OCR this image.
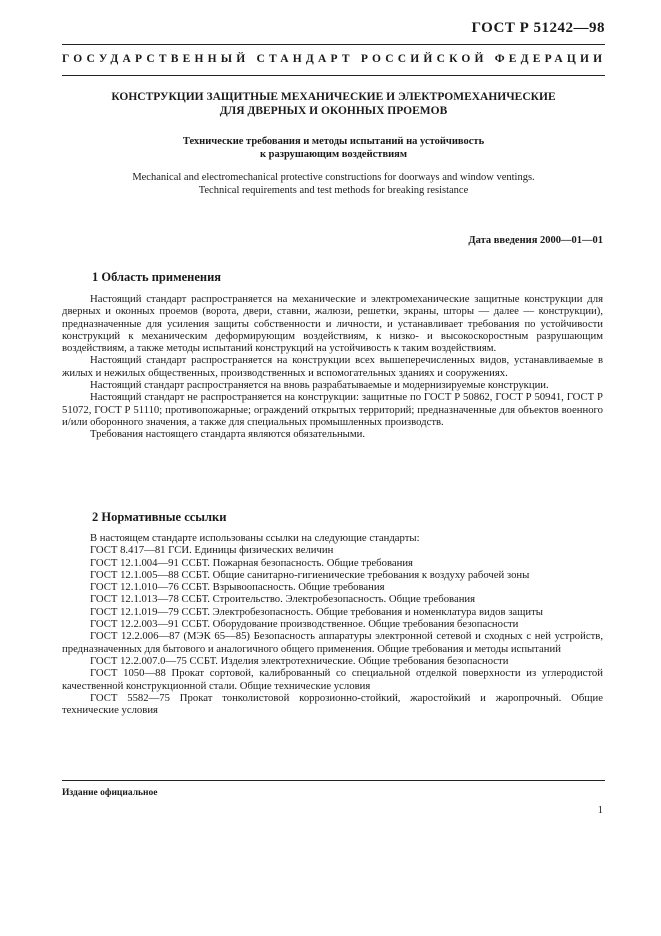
ГОСТ Р 51242—98
ГОСУДАРСТВЕННЫЙ СТАНДАРТ РОССИЙСКОЙ ФЕДЕРАЦИИ
КОНСТРУКЦИИ ЗАЩИТНЫЕ МЕХАНИЧЕСКИЕ И ЭЛЕКТРОМЕХАНИЧЕСКИЕ
ДЛЯ ДВЕРНЫХ И ОКОННЫХ ПРОЕМОВ
Технические требования и методы испытаний на устойчивость
к разрушающим воздействиям
Mechanical and electromechanical protective constructions for doorways and window ventings.
Technical requirements and test methods for breaking resistance
Дата введения 2000—01—01
1 Область применения

Настоящий стандарт распространяется на механические и электромеханические защитные конструкции для дверных и оконных проемов (ворота, двери, ставни, жалюзи, решетки, экраны, шторы — далее — конструкции), предназначенные для усиления защиты собственности и личности, и устанавливает требования по устойчивости конструкций к механическим деформирующим воздействиям, к низко- и высокоскоростным разрушающим воздействиям, а также методы испытаний конструкций на устойчивость к таким воздействиям.

Настоящий стандарт распространяется на конструкции всех вышеперечисленных видов, устанавливаемые в жилых и нежилых общественных, производственных и вспомогательных зданиях и сооружениях.

Настоящий стандарт распространяется на вновь разрабатываемые и модернизируемые конструкции.

Настоящий стандарт не распространяется на конструкции: защитные по ГОСТ Р 50862, ГОСТ Р 50941, ГОСТ Р 51072, ГОСТ Р 51110; противопожарные; ограждений открытых территорий; предназначенные для объектов военного и/или оборонного значения, а также для специальных промышленных производств.

Требования настоящего стандарта являются обязательными.

2 Нормативные ссылки

В настоящем стандарте использованы ссылки на следующие стандарты:

ГОСТ 8.417—81 ГСИ. Единицы физических величин

ГОСТ 12.1.004—91 ССБТ. Пожарная безопасность. Общие требования

ГОСТ 12.1.005—88 ССБТ. Общие санитарно-гигиенические требования к воздуху рабочей зоны

ГОСТ 12.1.010—76 ССБТ. Взрывоопасность. Общие требования

ГОСТ 12.1.013—78 ССБТ. Строительство. Электробезопасность. Общие требования

ГОСТ 12.1.019—79 ССБТ. Электробезопасность. Общие требования и номенклатура видов защиты

ГОСТ 12.2.003—91 ССБТ. Оборудование производственное. Общие требования безопасности

ГОСТ 12.2.006—87 (МЭК 65—85) Безопасность аппаратуры электронной сетевой и сходных с ней устройств, предназначенных для бытового и аналогичного общего применения. Общие требования и методы испытаний

ГОСТ 12.2.007.0—75 ССБТ. Изделия электротехнические. Общие требования безопасности

ГОСТ 1050—88 Прокат сортовой, калиброванный со специальной отделкой поверхности из углеродистой качественной конструкционной стали. Общие технические условия

ГОСТ 5582—75 Прокат тонколистовой коррозионно-стойкий, жаростойкий и жаропрочный. Общие технические условия

Издание официальное
1
